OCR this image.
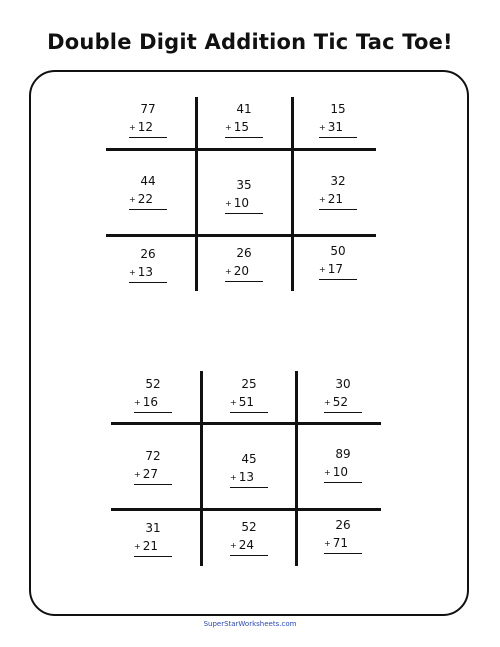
Double Digit Addition Tic Tac Toe!
77
+ 12
41
+ 15
15
+ 31
44
+ 22
35
+ 10
32
+ 21
26
+ 13
26
+ 20
50
+ 17
52
+ 16
25
+ 51
30
+ 52
72
+ 27
45
+ 13
89
+ 10
31
+ 21
52
+ 24
26
+ 71
SuperStarWorksheets.com
